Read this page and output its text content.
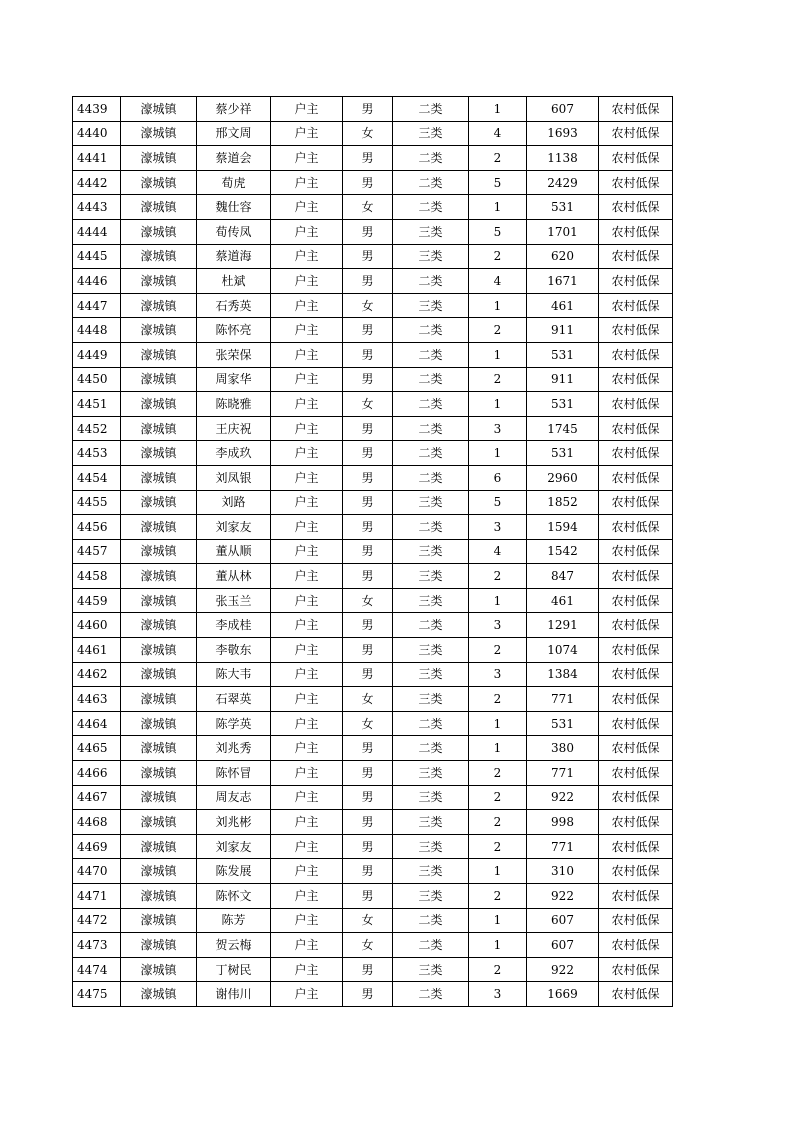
4439	濠城镇	蔡少祥	户主	男	二类	1	607	农村低保
4440	濠城镇	邢文周	户主	女	三类	4	1693	农村低保
4441	濠城镇	蔡道会	户主	男	二类	2	1138	农村低保
4442	濠城镇	荀虎	户主	男	二类	5	2429	农村低保
4443	濠城镇	魏仕容	户主	女	二类	1	531	农村低保
4444	濠城镇	荀传凤	户主	男	三类	5	1701	农村低保
4445	濠城镇	蔡道海	户主	男	三类	2	620	农村低保
4446	濠城镇	杜斌	户主	男	二类	4	1671	农村低保
4447	濠城镇	石秀英	户主	女	三类	1	461	农村低保
4448	濠城镇	陈怀亮	户主	男	二类	2	911	农村低保
4449	濠城镇	张荣保	户主	男	二类	1	531	农村低保
4450	濠城镇	周家华	户主	男	二类	2	911	农村低保
4451	濠城镇	陈晓雅	户主	女	二类	1	531	农村低保
4452	濠城镇	王庆祝	户主	男	二类	3	1745	农村低保
4453	濠城镇	李成玖	户主	男	二类	1	531	农村低保
4454	濠城镇	刘凤银	户主	男	二类	6	2960	农村低保
4455	濠城镇	刘路	户主	男	三类	5	1852	农村低保
4456	濠城镇	刘家友	户主	男	二类	3	1594	农村低保
4457	濠城镇	董从顺	户主	男	三类	4	1542	农村低保
4458	濠城镇	董从林	户主	男	三类	2	847	农村低保
4459	濠城镇	张玉兰	户主	女	三类	1	461	农村低保
4460	濠城镇	李成桂	户主	男	二类	3	1291	农村低保
4461	濠城镇	李敬东	户主	男	三类	2	1074	农村低保
4462	濠城镇	陈大韦	户主	男	三类	3	1384	农村低保
4463	濠城镇	石翠英	户主	女	三类	2	771	农村低保
4464	濠城镇	陈学英	户主	女	二类	1	531	农村低保
4465	濠城镇	刘兆秀	户主	男	二类	1	380	农村低保
4466	濠城镇	陈怀冒	户主	男	三类	2	771	农村低保
4467	濠城镇	周友志	户主	男	三类	2	922	农村低保
4468	濠城镇	刘兆彬	户主	男	三类	2	998	农村低保
4469	濠城镇	刘家友	户主	男	三类	2	771	农村低保
4470	濠城镇	陈发展	户主	男	三类	1	310	农村低保
4471	濠城镇	陈怀文	户主	男	三类	2	922	农村低保
4472	濠城镇	陈芳	户主	女	二类	1	607	农村低保
4473	濠城镇	贺云梅	户主	女	二类	1	607	农村低保
4474	濠城镇	丁树民	户主	男	三类	2	922	农村低保
4475	濠城镇	谢伟川	户主	男	二类	3	1669	农村低保
